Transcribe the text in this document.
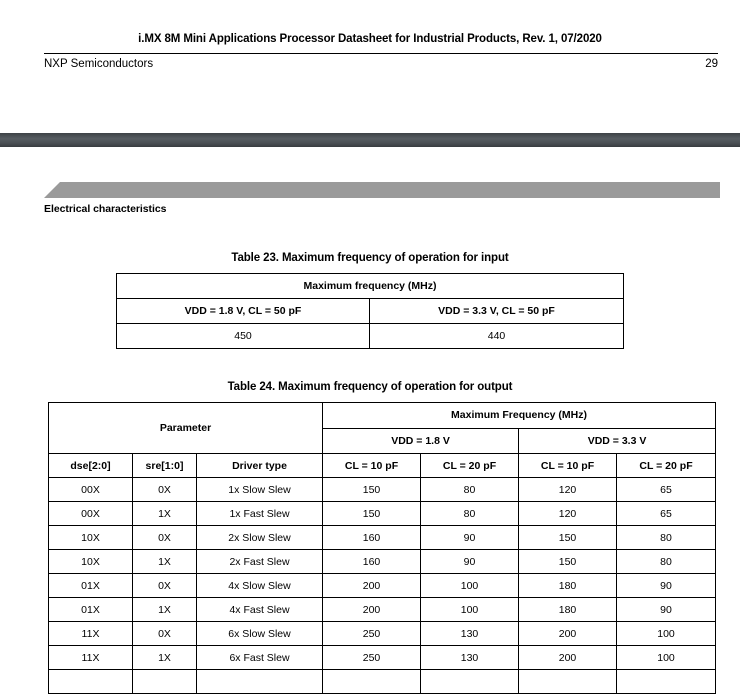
i.MX 8M Mini Applications Processor Datasheet for Industrial Products, Rev. 1, 07/2020
NXP Semiconductors	29
Electrical characteristics
Table 23. Maximum frequency of operation for input
Maximum frequency (MHz)	
VDD = 1.8 V, CL = 50 pF	VDD = 3.3 V, CL = 50 pF
450	440
Table 24. Maximum frequency of operation for output
Parameter			Maximum Frequency (MHz)			
			VDD = 1.8 V		VDD = 3.3 V	
dse[2:0]	sre[1:0]	Driver type	CL = 10 pF	CL = 20 pF	CL = 10 pF	CL = 20 pF
00X	0X	1x Slow Slew	150	80	120	65
00X	1X	1x Fast Slew	150	80	120	65
10X	0X	2x Slow Slew	160	90	150	80
10X	1X	2x Fast Slew	160	90	150	80
01X	0X	4x Slow Slew	200	100	180	90
01X	1X	4x Fast Slew	200	100	180	90
11X	0X	6x Slow Slew	250	130	200	100
11X	1X	6x Fast Slew	250	130	200	100
